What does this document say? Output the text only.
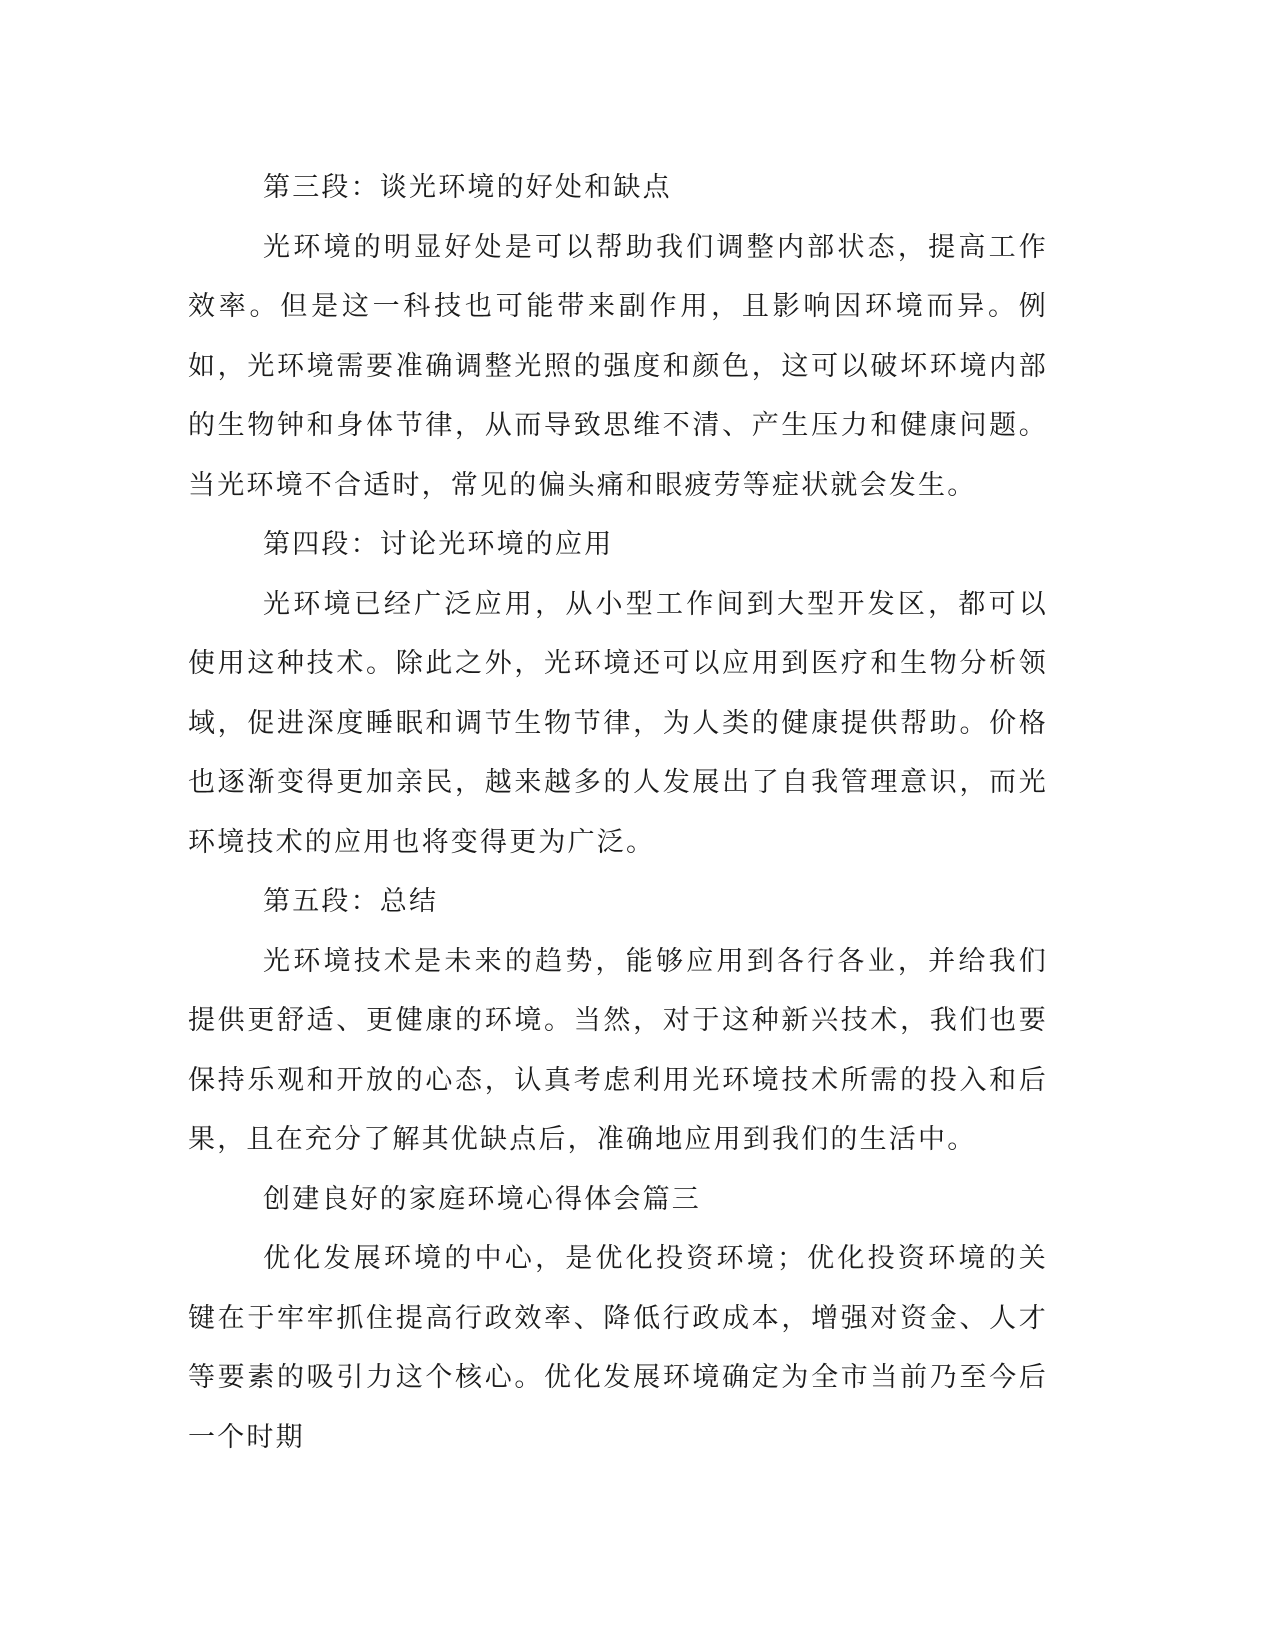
第三段：谈光环境的好处和缺点

光环境的明显好处是可以帮助我们调整内部状态，提高工作效率。但是这一科技也可能带来副作用，且影响因环境而异。例如，光环境需要准确调整光照的强度和颜色，这可以破坏环境内部的生物钟和身体节律，从而导致思维不清、产生压力和健康问题。当光环境不合适时，常见的偏头痛和眼疲劳等症状就会发生。

第四段：讨论光环境的应用

光环境已经广泛应用，从小型工作间到大型开发区，都可以使用这种技术。除此之外，光环境还可以应用到医疗和生物分析领域，促进深度睡眠和调节生物节律，为人类的健康提供帮助。价格也逐渐变得更加亲民，越来越多的人发展出了自我管理意识，而光环境技术的应用也将变得更为广泛。

第五段：总结

光环境技术是未来的趋势，能够应用到各行各业，并给我们提供更舒适、更健康的环境。当然，对于这种新兴技术，我们也要保持乐观和开放的心态，认真考虑利用光环境技术所需的投入和后果，且在充分了解其优缺点后，准确地应用到我们的生活中。

创建良好的家庭环境心得体会篇三

优化发展环境的中心，是优化投资环境；优化投资环境的关键在于牢牢抓住提高行政效率、降低行政成本，增强对资金、人才等要素的吸引力这个核心。优化发展环境确定为全市当前乃至今后一个时期
